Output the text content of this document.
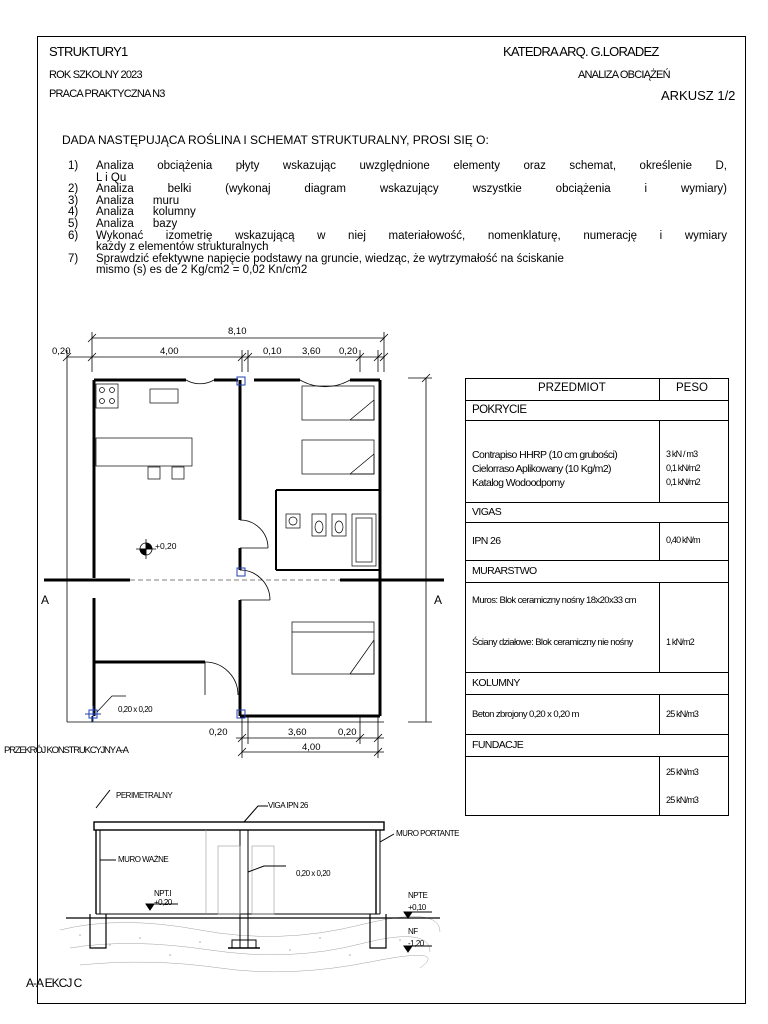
STRUKTURY1
ROK SZKOLNY 2023
PRACA PRAKTYCZNA N3
KATEDRA ARQ. G.LORADEZ
ANALIZA OBCIĄŻEŃ
ARKUSZ 1/2
DADA NASTĘPUJĄCA ROŚLINA I SCHEMAT STRUKTURALNY, PROSI SIĘ O:
1)	Analiza obciążenia płyty wskazując uwzględnione elementy oraz schemat, określenie D,
L i Qu
2)	Analiza belki (wykonaj diagram wskazujący wszystkie obciążenia i wymiary)
3)	Analiza muru
4)	Analiza kolumny
5)	Analiza bazy
6)	Wykonać izometrię wskazującą w niej materiałowość, nomenklaturę, numerację i wymiary
każdy z elementów strukturalnych
7)	Sprawdzić efektywne napięcie podstawy na gruncie, wiedząc, że wytrzymałość na ściskanie
mismo (s) es de 2 Kg/cm2 = 0,02 Kn/cm2
8,10
0,20	4,00	0,10 3,60 0,20
0,20	3,60	0,20
4,00
+0,20
0,20 x 0,20
A	A
PRZEDMIOT	PESO
POKRYCIE
Contrapiso HHRP (10 cm grubości)	3 kN / m3
Cielorraso Aplikowany (10 Kg/m2)	0,1 kN/m2
Katalog Wodoodporny	0,1 kN/m2
VIGAS
IPN 26	0,40 kN/m
MURARSTWO
Muros: Blok ceramiczny nośny 18x20x33 cm
Ściany działowe: Blok ceramiczny nie nośny	1 kN/m2
KOLUMNY
Beton zbrojony 0,20 x 0,20 m	25 kN/m3
FUNDACJE
25 kN/m3
25 kN/m3
PRZEKRÓJ KONSTRUKCYJNY A-A
PERIMETRALNY
VIGA IPN 26
MURO PORTANTE
MURO WAŻNE
0,20 x 0,20
NPT.I
+0,20
NPTE
+0,10
NF
-1,20
A-A EKCJ C
